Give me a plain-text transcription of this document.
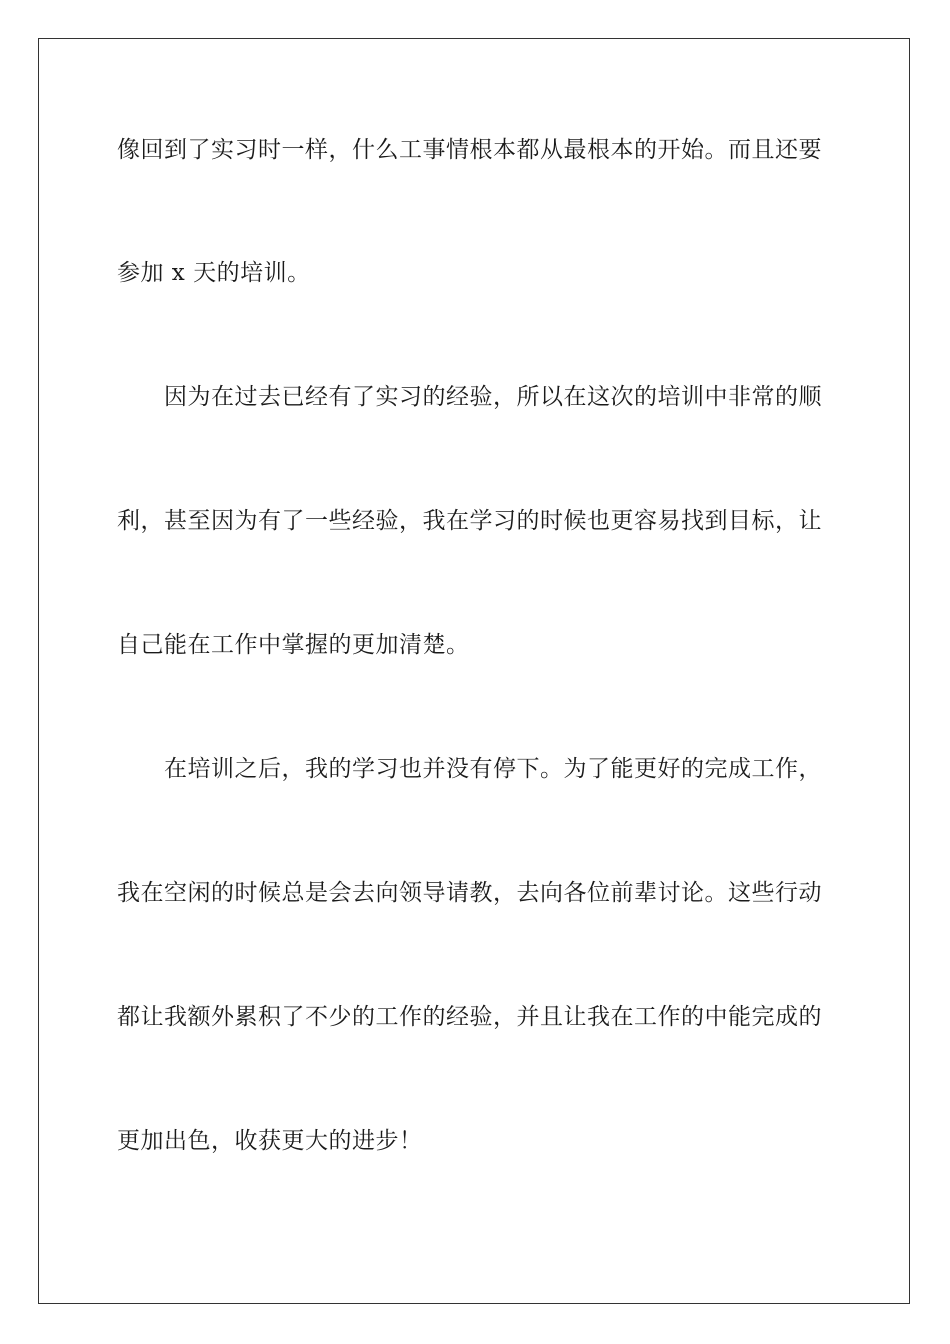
像回到了实习时一样，什么工事情根本都从最根本的开始。而且还要
参加 x 天的培训。
因为在过去已经有了实习的经验，所以在这次的培训中非常的顺
利，甚至因为有了一些经验，我在学习的时候也更容易找到目标，让
自己能在工作中掌握的更加清楚。
在培训之后，我的学习也并没有停下。为了能更好的完成工作，
我在空闲的时候总是会去向领导请教，去向各位前辈讨论。这些行动
都让我额外累积了不少的工作的经验，并且让我在工作的中能完成的
更加出色，收获更大的进步！
